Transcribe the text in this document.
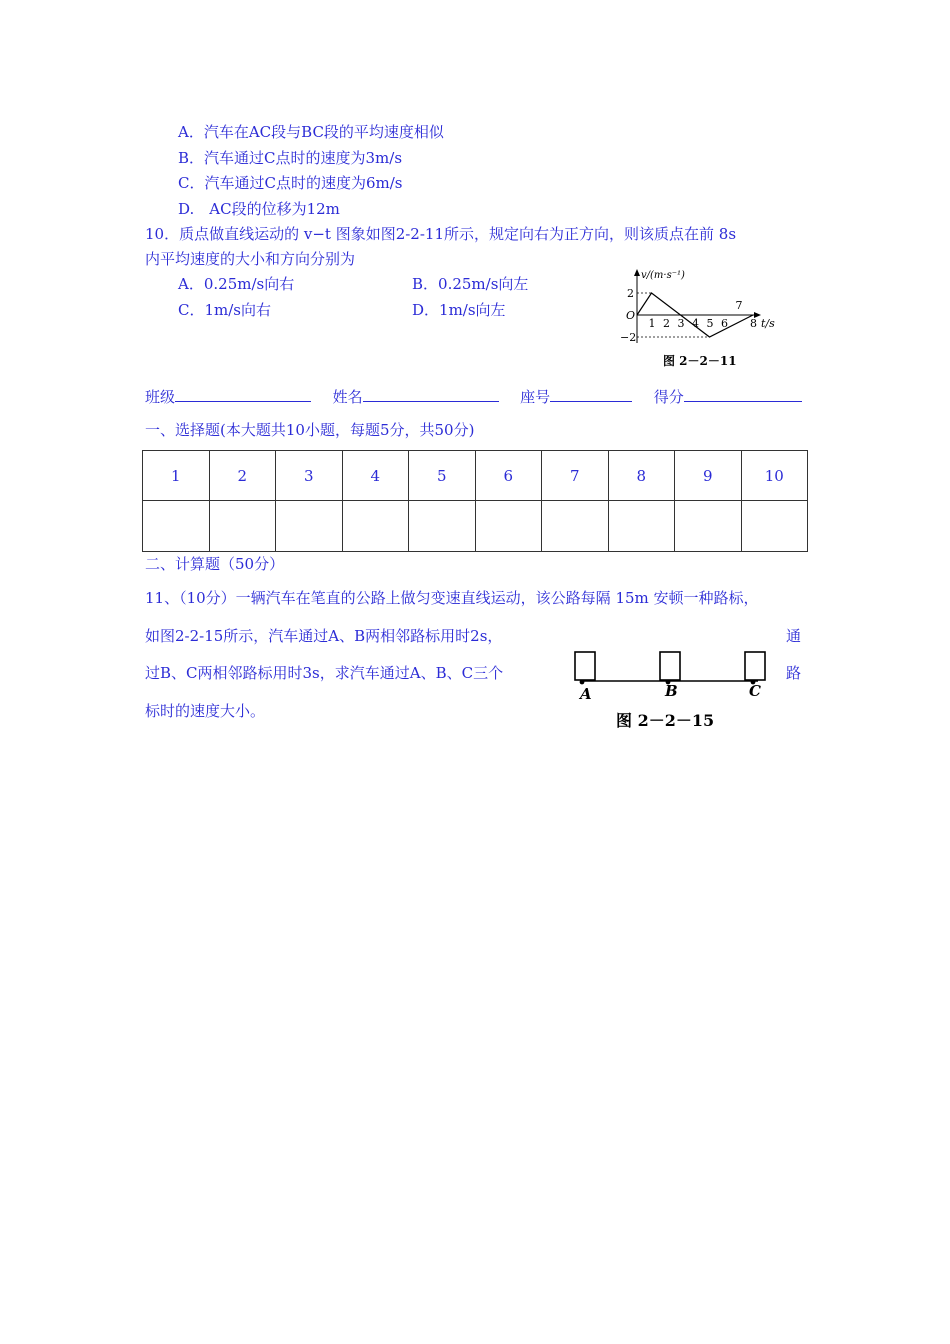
A．汽车在AC段与BC段的平均速度相似
B．汽车通过C点时的速度为3m/s
C．汽车通过C点时的速度为6m/s
D.　AC段的位移为12m
10．质点做直线运动的 v−t 图象如图2-2-11所示，规定向右为正方向，则该质点在前 8s
内平均速度的大小和方向分别为
A．0.25m/s向右	B．0.25m/s向左
C．1m/s向右	D．1m/s向左
v/(m·s⁻¹)
O
2
−2
t/s
1 2 3 4 5 6
7
8
图 2－2－11
班级	姓名	座号	得分
一、选择题(本大题共10小题，每题5分，共50分)
1	2	3	4	5	6	7	8	9	10

二、计算题（50分）
11、（10分）一辆汽车在笔直的公路上做匀变速直线运动，该公路每隔 15m 安顿一种路标，
如图2-2-15所示，汽车通过A、B两相邻路标用时2s，	通
过B、C两相邻路标用时3s，求汽车通过A、B、C三个	路
标时的速度大小。
A	B	C
图 2－2－15
